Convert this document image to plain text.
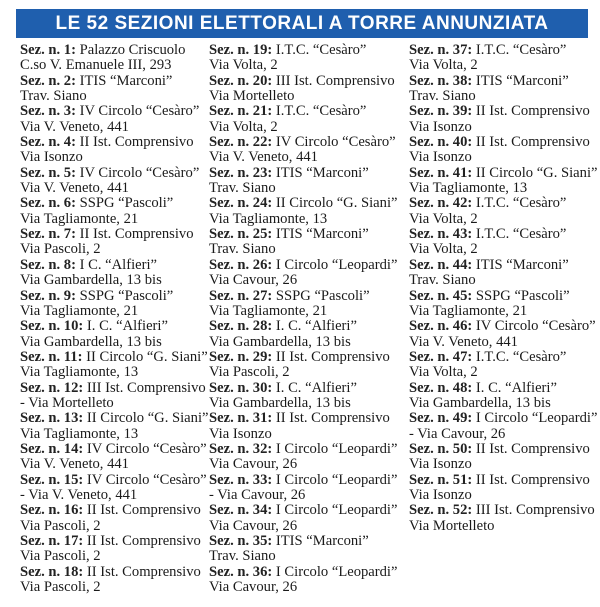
LE 52 SEZIONI ELETTORALI A TORRE ANNUNZIATA
Sez. n. 1: Palazzo Criscuolo
C.so V. Emanuele III, 293
Sez. n. 2: ITIS “Marconi”
Trav. Siano
Sez. n. 3: IV Circolo “Cesàro”
Via V. Veneto, 441
Sez. n. 4: II Ist. Comprensivo
Via Isonzo
Sez. n. 5: IV Circolo “Cesàro”
Via V. Veneto, 441
Sez. n. 6: SSPG “Pascoli”
Via Tagliamonte, 21
Sez. n. 7: II Ist. Comprensivo
Via Pascoli, 2
Sez. n. 8: I C. “Alfieri”
Via Gambardella, 13 bis
Sez. n. 9: SSPG “Pascoli”
Via Tagliamonte, 21
Sez. n. 10: I. C. “Alfieri”
Via Gambardella, 13 bis
Sez. n. 11: II Circolo “G. Siani”
Via Tagliamonte, 13
Sez. n. 12: III Ist. Comprensivo
- Via Mortelleto
Sez. n. 13: II Circolo “G. Siani”
Via Tagliamonte, 13
Sez. n. 14: IV Circolo “Cesàro”
Via V. Veneto, 441
Sez. n. 15: IV Circolo “Cesàro”
- Via V. Veneto, 441
Sez. n. 16: II Ist. Comprensivo
Via Pascoli, 2
Sez. n. 17: II Ist. Comprensivo
Via Pascoli, 2
Sez. n. 18: II Ist. Comprensivo
Via Pascoli, 2
Sez. n. 19: I.T.C. “Cesàro”
Via Volta, 2
Sez. n. 20: III Ist. Comprensivo
Via Mortelleto
Sez. n. 21: I.T.C. “Cesàro”
Via Volta, 2
Sez. n. 22: IV Circolo “Cesàro”
Via V. Veneto, 441
Sez. n. 23: ITIS “Marconi”
Trav. Siano
Sez. n. 24: II Circolo “G. Siani”
Via Tagliamonte, 13
Sez. n. 25: ITIS “Marconi”
Trav. Siano
Sez. n. 26: I Circolo “Leopardi”
Via Cavour, 26
Sez. n. 27: SSPG “Pascoli”
Via Tagliamonte, 21
Sez. n. 28: I. C. “Alfieri”
Via Gambardella, 13 bis
Sez. n. 29: II Ist. Comprensivo
Via Pascoli, 2
Sez. n. 30: I. C. “Alfieri”
Via Gambardella, 13 bis
Sez. n. 31: II Ist. Comprensivo
Via Isonzo
Sez. n. 32: I Circolo “Leopardi”
Via Cavour, 26
Sez. n. 33: I Circolo “Leopardi”
- Via Cavour, 26
Sez. n. 34: I Circolo “Leopardi”
Via Cavour, 26
Sez. n. 35: ITIS “Marconi”
Trav. Siano
Sez. n. 36: I Circolo “Leopardi”
Via Cavour, 26
Sez. n. 37: I.T.C. “Cesàro”
Via Volta, 2
Sez. n. 38: ITIS “Marconi”
Trav. Siano
Sez. n. 39: II Ist. Comprensivo
Via Isonzo
Sez. n. 40: II Ist. Comprensivo
Via Isonzo
Sez. n. 41: II Circolo “G. Siani”
Via Tagliamonte, 13
Sez. n. 42: I.T.C. “Cesàro”
Via Volta, 2
Sez. n. 43: I.T.C. “Cesàro”
Via Volta, 2
Sez. n. 44: ITIS “Marconi”
Trav. Siano
Sez. n. 45: SSPG “Pascoli”
Via Tagliamonte, 21
Sez. n. 46: IV Circolo “Cesàro”
Via V. Veneto, 441
Sez. n. 47: I.T.C. “Cesàro”
Via Volta, 2
Sez. n. 48: I. C. “Alfieri”
Via Gambardella, 13 bis
Sez. n. 49: I Circolo “Leopardi”
- Via Cavour, 26
Sez. n. 50: II Ist. Comprensivo
Via Isonzo
Sez. n. 51: II Ist. Comprensivo
Via Isonzo
Sez. n. 52: III Ist. Comprensivo
Via Mortelleto
